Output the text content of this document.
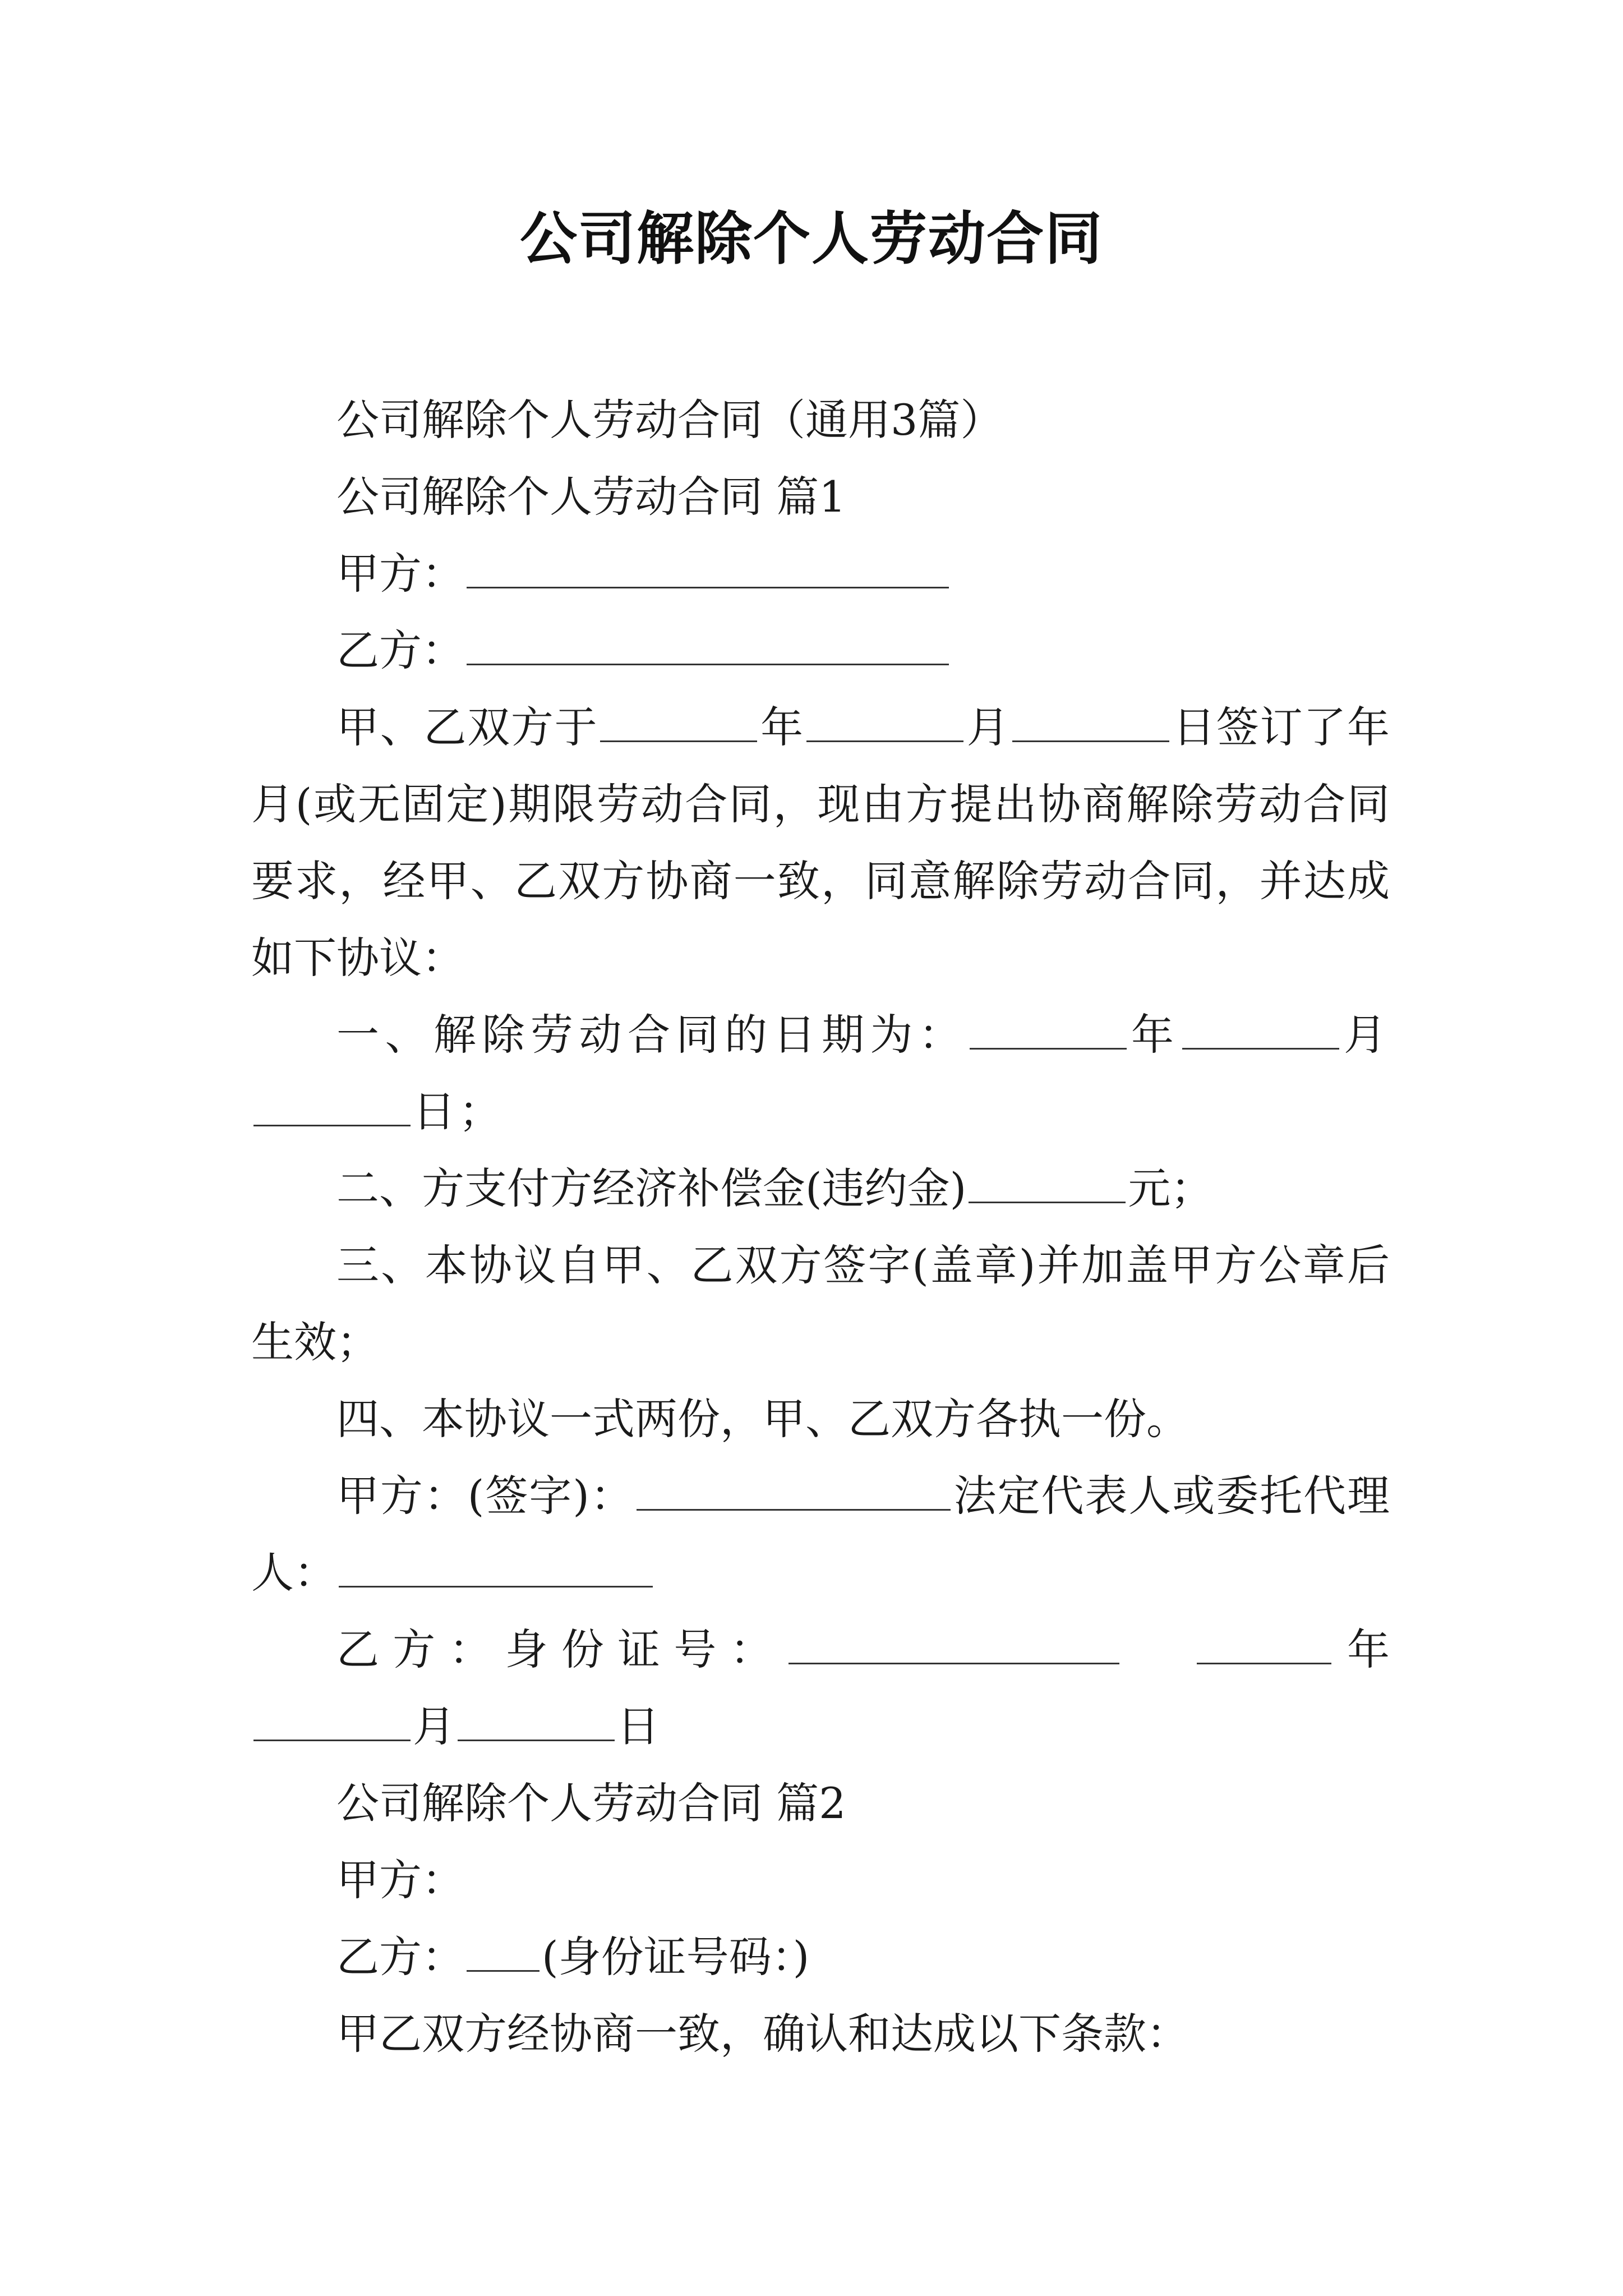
公司解除个人劳动合同

公司解除个人劳动合同（通用3篇）

公司解除个人劳动合同 篇1

甲方：

乙方：

甲、乙双方于	年	月	日签订了年月(或无固定)期限劳动合同，现由方提出协商解除劳动合同要求，经甲、乙双方协商一致，同意解除劳动合同，并达成如下协议：

一、解除劳动合同的日期为：	年	月日；

二、方支付方经济补偿金(违约金)	元；

三、本协议自甲、乙双方签字(盖章)并加盖甲方公章后生效；

四、本协议一式两份，甲、乙双方各执一份。

甲方：(签字)：	法定代表人或委托代理人：

乙方：身份证号：	年月	日

公司解除个人劳动合同 篇2

甲方：

乙方： (身份证号码：)

甲乙双方经协商一致，确认和达成以下条款：
